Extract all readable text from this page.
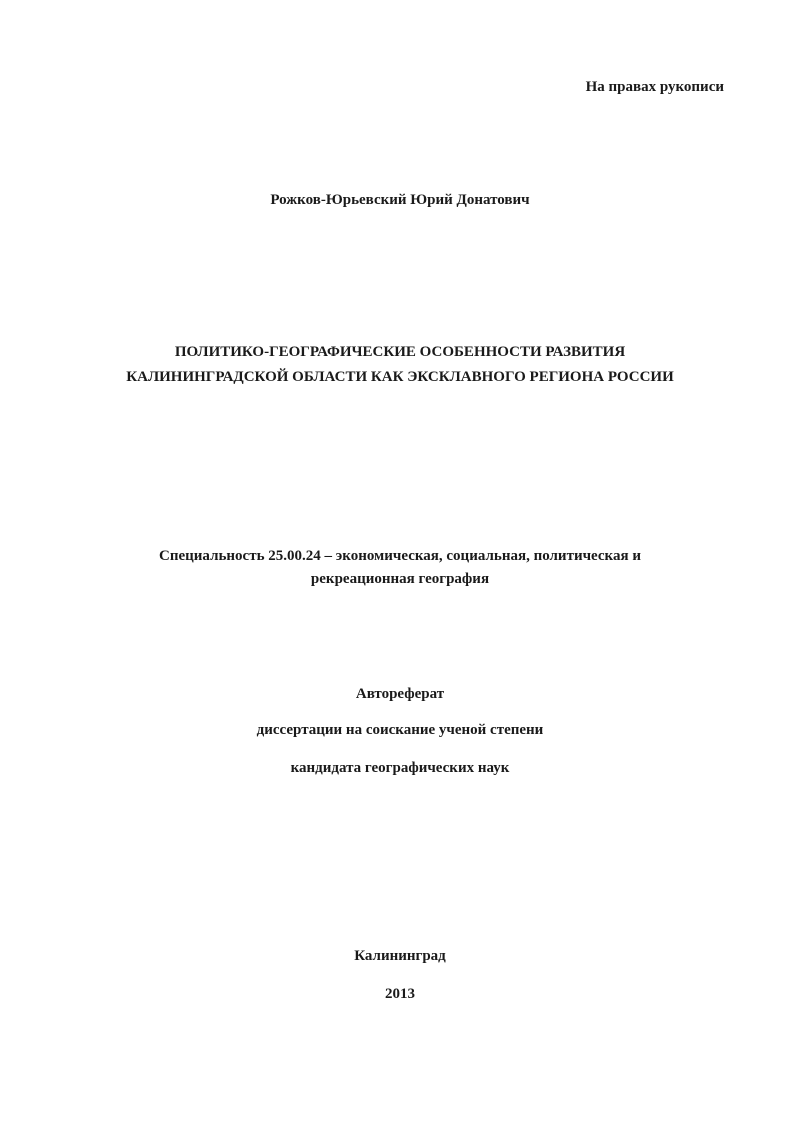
На правах рукописи
Рожков-Юрьевский Юрий Донатович
ПОЛИТИКО-ГЕОГРАФИЧЕСКИЕ ОСОБЕННОСТИ РАЗВИТИЯ
КАЛИНИНГРАДСКОЙ ОБЛАСТИ КАК ЭКСКЛАВНОГО РЕГИОНА РОССИИ
Специальность 25.00.24 – экономическая, социальная, политическая и
рекреационная география
Автореферат
диссертации на соискание ученой степени
кандидата географических наук
Калининград
2013
